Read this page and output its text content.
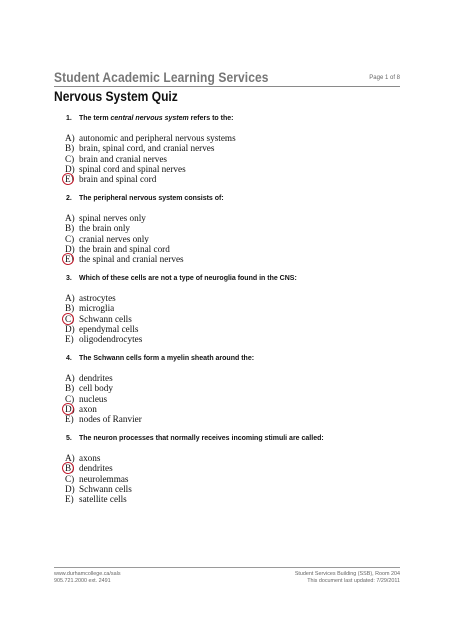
Student Academic Learning Services	Page 1 of 8
Nervous System Quiz
1. The term central nervous system refers to the:
A) autonomic and peripheral nervous systems
B) brain, spinal cord, and cranial nerves
C) brain and cranial nerves
D) spinal cord and spinal nerves
E) brain and spinal cord
2. The peripheral nervous system consists of:
A) spinal nerves only
B) the brain only
C) cranial nerves only
D) the brain and spinal cord
E) the spinal and cranial nerves
3. Which of these cells are not a type of neuroglia found in the CNS:
A) astrocytes
B) microglia
C) Schwann cells
D) ependymal cells
E) oligodendrocytes
4. The Schwann cells form a myelin sheath around the:
A) dendrites
B) cell body
C) nucleus
D) axon
E) nodes of Ranvier
5. The neuron processes that normally receives incoming stimuli are called:
A) axons
B) dendrites
C) neurolemmas
D) Schwann cells
E) satellite cells
www.durhamcollege.ca/sals
905.721.2000 ext. 2491
Student Services Building (SSB), Room 204
This document last updated: 7/29/2011
